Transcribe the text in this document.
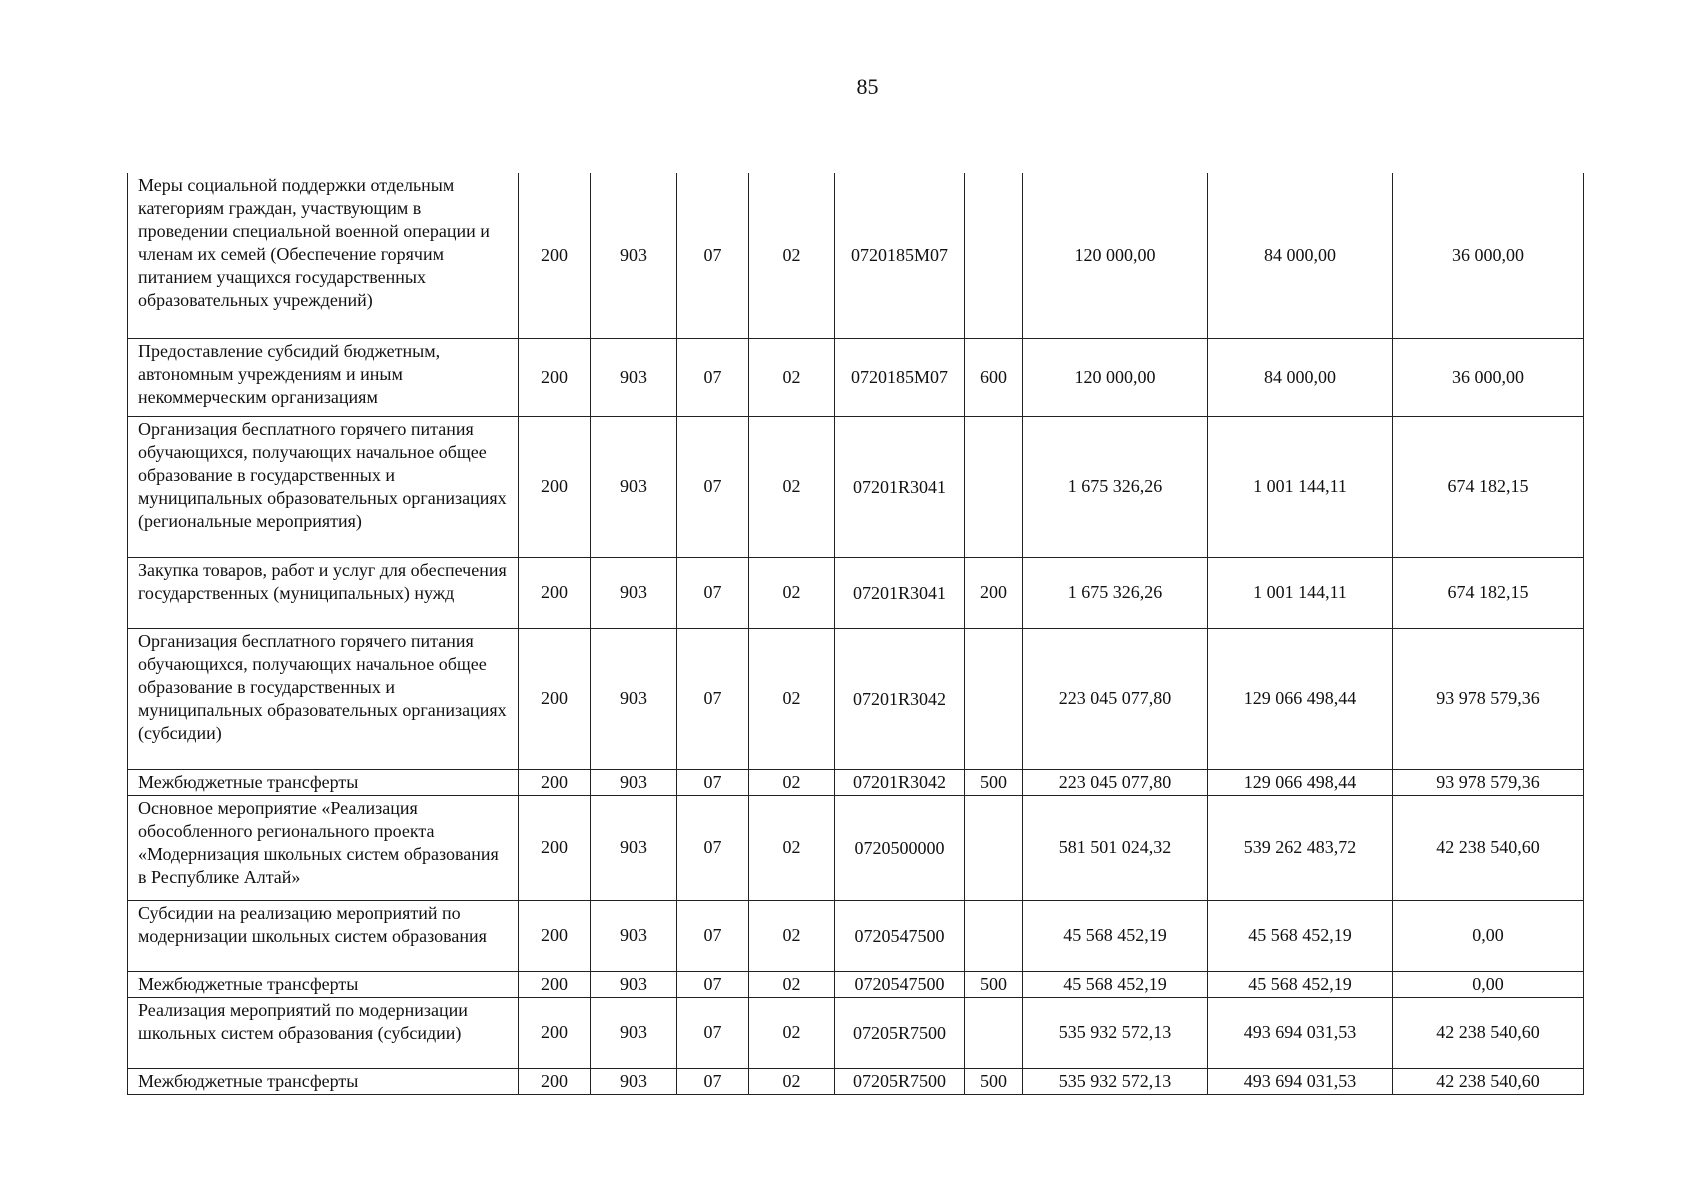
85
Меры социальной поддержки отдельным категориям граждан, участвующим в проведении специальной военной операции и членам их семей (Обеспечение горячим питанием учащихся государственных образовательных учреждений)	200	903	07	02	0720185М07		120 000,00	84 000,00	36 000,00
Предоставление субсидий бюджетным, автономным учреждениям и иным некоммерческим организациям	200	903	07	02	0720185М07	600	120 000,00	84 000,00	36 000,00
Организация бесплатного горячего питания обучающихся, получающих начальное общее образование в государственных и муниципальных образовательных организациях (региональные мероприятия)	200	903	07	02	07201R3041		1 675 326,26	1 001 144,11	674 182,15
Закупка товаров, работ и услуг для обеспечения государственных (муниципальных) нужд	200	903	07	02	07201R3041	200	1 675 326,26	1 001 144,11	674 182,15
Организация бесплатного горячего питания обучающихся, получающих начальное общее образование в государственных и муниципальных образовательных организациях (субсидии)	200	903	07	02	07201R3042		223 045 077,80	129 066 498,44	93 978 579,36
Межбюджетные трансферты	200	903	07	02	07201R3042	500	223 045 077,80	129 066 498,44	93 978 579,36
Основное мероприятие «Реализация обособленного регионального проекта «Модернизация школьных систем образования в Республике Алтай»	200	903	07	02	0720500000		581 501 024,32	539 262 483,72	42 238 540,60
Субсидии на реализацию мероприятий по модернизации школьных систем образования	200	903	07	02	0720547500		45 568 452,19	45 568 452,19	0,00
Межбюджетные трансферты	200	903	07	02	0720547500	500	45 568 452,19	45 568 452,19	0,00
Реализация мероприятий по модернизации школьных систем образования (субсидии)	200	903	07	02	07205R7500		535 932 572,13	493 694 031,53	42 238 540,60
Межбюджетные трансферты	200	903	07	02	07205R7500	500	535 932 572,13	493 694 031,53	42 238 540,60
